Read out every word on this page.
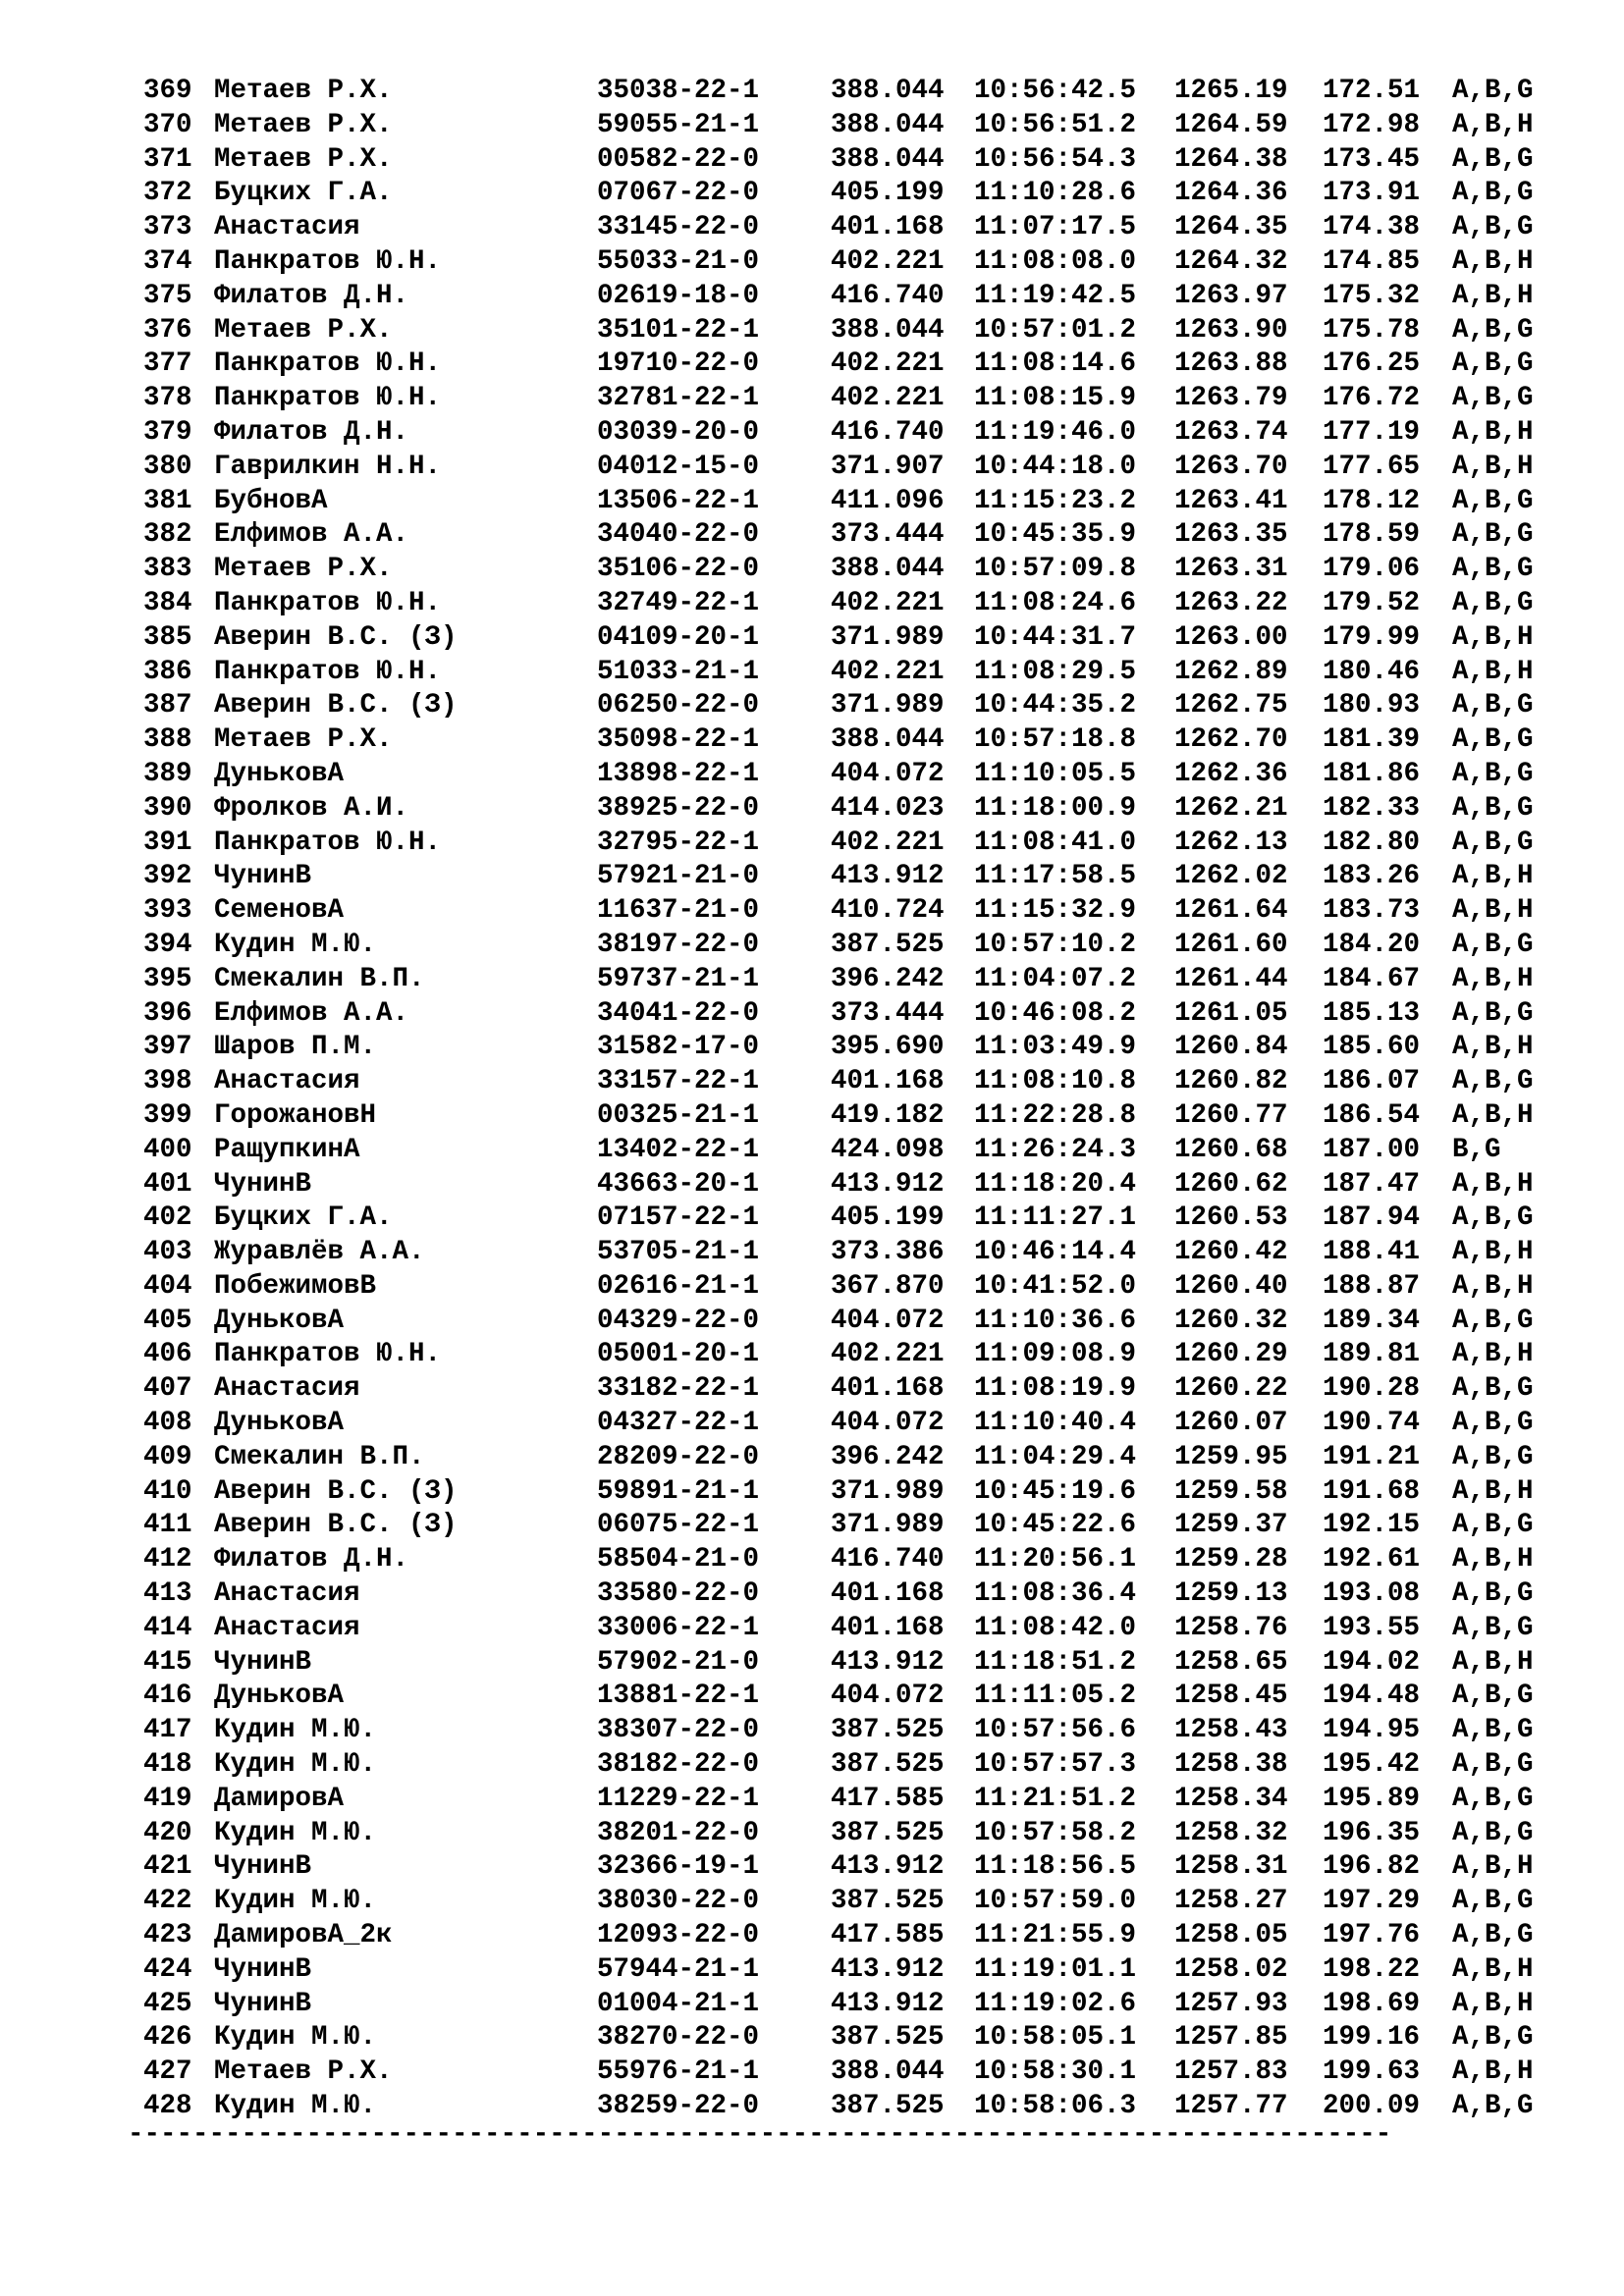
369 Метаев Р.Х.	35038-22-1	388.044 10:56:42.5 1265.19 172.51 A,B,G
370 Метаев Р.Х.	59055-21-1	388.044 10:56:51.2 1264.59 172.98 A,B,H
371 Метаев Р.Х.	00582-22-0	388.044 10:56:54.3 1264.38 173.45 A,B,G
372 Буцких Г.А.	07067-22-0	405.199 11:10:28.6 1264.36 173.91 A,B,G
373 Анастасия	33145-22-0	401.168 11:07:17.5 1264.35 174.38 A,B,G
374 Панкратов Ю.Н.	55033-21-0	402.221 11:08:08.0 1264.32 174.85 A,B,H
375 Филатов Д.Н.	02619-18-0	416.740 11:19:42.5 1263.97 175.32 A,B,H
376 Метаев Р.Х.	35101-22-1	388.044 10:57:01.2 1263.90 175.78 A,B,G
377 Панкратов Ю.Н.	19710-22-0	402.221 11:08:14.6 1263.88 176.25 A,B,G
378 Панкратов Ю.Н.	32781-22-1	402.221 11:08:15.9 1263.79 176.72 A,B,G
379 Филатов Д.Н.	03039-20-0	416.740 11:19:46.0 1263.74 177.19 A,B,H
380 Гаврилкин Н.Н.	04012-15-0	371.907 10:44:18.0 1263.70 177.65 A,B,H
381 БубновА	13506-22-1	411.096 11:15:23.2 1263.41 178.12 A,B,G
382 Елфимов А.А.	34040-22-0	373.444 10:45:35.9 1263.35 178.59 A,B,G
383 Метаев Р.Х.	35106-22-0	388.044 10:57:09.8 1263.31 179.06 A,B,G
384 Панкратов Ю.Н.	32749-22-1	402.221 11:08:24.6 1263.22 179.52 A,B,G
385 Аверин В.С. (З)	04109-20-1	371.989 10:44:31.7 1263.00 179.99 A,B,H
386 Панкратов Ю.Н.	51033-21-1	402.221 11:08:29.5 1262.89 180.46 A,B,H
387 Аверин В.С. (З)	06250-22-0	371.989 10:44:35.2 1262.75 180.93 A,B,G
388 Метаев Р.Х.	35098-22-1	388.044 10:57:18.8 1262.70 181.39 A,B,G
389 ДуньковА	13898-22-1	404.072 11:10:05.5 1262.36 181.86 A,B,G
390 Фролков А.И.	38925-22-0	414.023 11:18:00.9 1262.21 182.33 A,B,G
391 Панкратов Ю.Н.	32795-22-1	402.221 11:08:41.0 1262.13 182.80 A,B,G
392 ЧунинВ	57921-21-0	413.912 11:17:58.5 1262.02 183.26 A,B,H
393 СеменовА	11637-21-0	410.724 11:15:32.9 1261.64 183.73 A,B,H
394 Кудин М.Ю.	38197-22-0	387.525 10:57:10.2 1261.60 184.20 A,B,G
395 Смекалин В.П.	59737-21-1	396.242 11:04:07.2 1261.44 184.67 A,B,H
396 Елфимов А.А.	34041-22-0	373.444 10:46:08.2 1261.05 185.13 A,B,G
397 Шаров П.М.	31582-17-0	395.690 11:03:49.9 1260.84 185.60 A,B,H
398 Анастасия	33157-22-1	401.168 11:08:10.8 1260.82 186.07 A,B,G
399 ГорожановН	00325-21-1	419.182 11:22:28.8 1260.77 186.54 A,B,H
400 РащупкинА	13402-22-1	424.098 11:26:24.3 1260.68 187.00 B,G
401 ЧунинВ	43663-20-1	413.912 11:18:20.4 1260.62 187.47 A,B,H
402 Буцких Г.А.	07157-22-1	405.199 11:11:27.1 1260.53 187.94 A,B,G
403 Журавлёв А.А.	53705-21-1	373.386 10:46:14.4 1260.42 188.41 A,B,H
404 ПобежимовВ	02616-21-1	367.870 10:41:52.0 1260.40 188.87 A,B,H
405 ДуньковА	04329-22-0	404.072 11:10:36.6 1260.32 189.34 A,B,G
406 Панкратов Ю.Н.	05001-20-1	402.221 11:09:08.9 1260.29 189.81 A,B,H
407 Анастасия	33182-22-1	401.168 11:08:19.9 1260.22 190.28 A,B,G
408 ДуньковА	04327-22-1	404.072 11:10:40.4 1260.07 190.74 A,B,G
409 Смекалин В.П.	28209-22-0	396.242 11:04:29.4 1259.95 191.21 A,B,G
410 Аверин В.С. (З)	59891-21-1	371.989 10:45:19.6 1259.58 191.68 A,B,H
411 Аверин В.С. (З)	06075-22-1	371.989 10:45:22.6 1259.37 192.15 A,B,G
412 Филатов Д.Н.	58504-21-0	416.740 11:20:56.1 1259.28 192.61 A,B,H
413 Анастасия	33580-22-0	401.168 11:08:36.4 1259.13 193.08 A,B,G
414 Анастасия	33006-22-1	401.168 11:08:42.0 1258.76 193.55 A,B,G
415 ЧунинВ	57902-21-0	413.912 11:18:51.2 1258.65 194.02 A,B,H
416 ДуньковА	13881-22-1	404.072 11:11:05.2 1258.45 194.48 A,B,G
417 Кудин М.Ю.	38307-22-0	387.525 10:57:56.6 1258.43 194.95 A,B,G
418 Кудин М.Ю.	38182-22-0	387.525 10:57:57.3 1258.38 195.42 A,B,G
419 ДамировА	11229-22-1	417.585 11:21:51.2 1258.34 195.89 A,B,G
420 Кудин М.Ю.	38201-22-0	387.525 10:57:58.2 1258.32 196.35 A,B,G
421 ЧунинВ	32366-19-1	413.912 11:18:56.5 1258.31 196.82 A,B,H
422 Кудин М.Ю.	38030-22-0	387.525 10:57:59.0 1258.27 197.29 A,B,G
423 ДамировА_2к	12093-22-0	417.585 11:21:55.9 1258.05 197.76 A,B,G
424 ЧунинВ	57944-21-1	413.912 11:19:01.1 1258.02 198.22 A,B,H
425 ЧунинВ	01004-21-1	413.912 11:19:02.6 1257.93 198.69 A,B,H
426 Кудин М.Ю.	38270-22-0	387.525 10:58:05.1 1257.85 199.16 A,B,G
427 Метаев Р.Х.	55976-21-1	388.044 10:58:30.1 1257.83 199.63 A,B,H
428 Кудин М.Ю.	38259-22-0	387.525 10:58:06.3 1257.77 200.09 A,B,G
------------------------------------------------------------------------------
